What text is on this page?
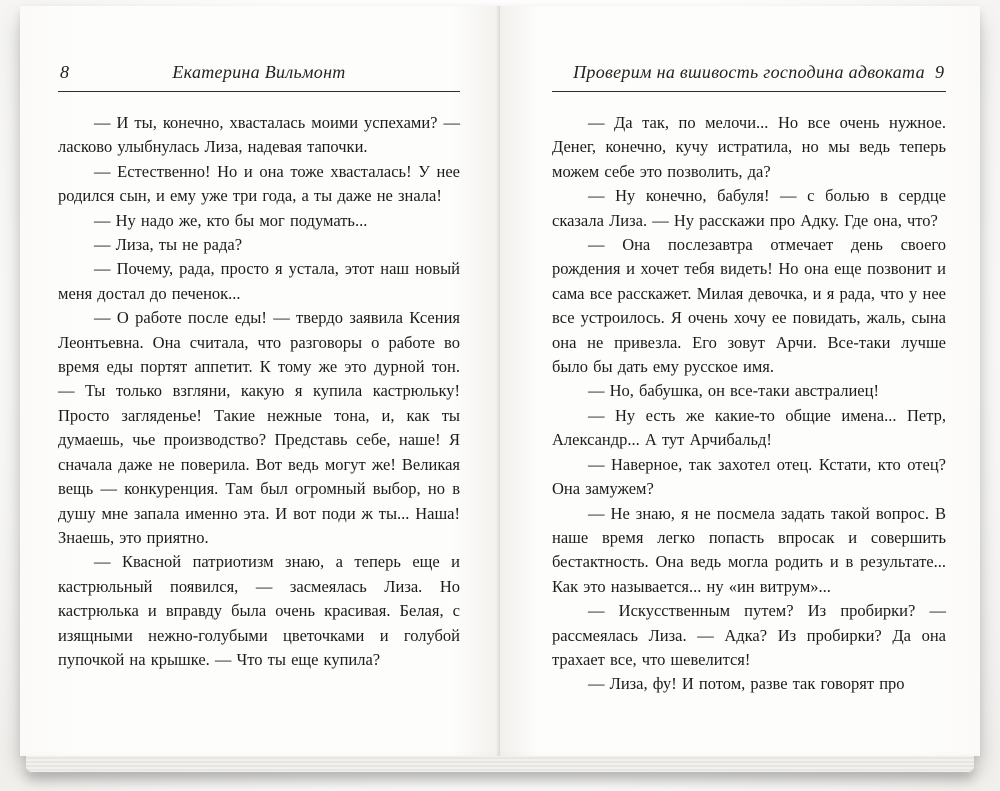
8	Екатерина Вильмонт

— И ты, конечно, хвасталась моими успехами? — ласково улыбнулась Лиза, надевая тапочки.

— Естественно! Но и она тоже хвасталась! У нее родился сын, и ему уже три года, а ты даже не знала!

— Ну надо же, кто бы мог подумать...

— Лиза, ты не рада?

— Почему, рада, просто я устала, этот наш новый меня достал до печенок...

— О работе после еды! — твердо заявила Ксения Леонтьевна. Она считала, что разговоры о работе во время еды портят аппетит. К тому же это дурной тон. — Ты только взгляни, какую я купила кастрюльку! Просто загляденье! Такие нежные тона, и, как ты думаешь, чье производство? Представь себе, наше! Я сначала даже не поверила. Вот ведь могут же! Великая вещь — конкуренция. Там был огромный выбор, но в душу мне запала именно эта. И вот поди ж ты... Наша! Знаешь, это приятно.

— Квасной патриотизм знаю, а теперь еще и кастрюльный появился, — засмеялась Лиза. Но кастрюлька и вправду была очень красивая. Белая, с изящными нежно-голубыми цветочками и голубой пупочкой на крышке. — Что ты еще купила?

Проверим на вшивость господина адвоката 9

— Да так, по мелочи... Но все очень нужное. Денег, конечно, кучу истратила, но мы ведь теперь можем себе это позволить, да?

— Ну конечно, бабуля! — с болью в сердце сказала Лиза. — Ну расскажи про Адку. Где она, что?

— Она послезавтра отмечает день своего рождения и хочет тебя видеть! Но она еще позвонит и сама все расскажет. Милая девочка, и я рада, что у нее все устроилось. Я очень хочу ее повидать, жаль, сына она не привезла. Его зовут Арчи. Все-таки лучше было бы дать ему русское имя.

— Но, бабушка, он все-таки австралиец!

— Ну есть же какие-то общие имена... Петр, Александр... А тут Арчибальд!

— Наверное, так захотел отец. Кстати, кто отец? Она замужем?

— Не знаю, я не посмела задать такой вопрос. В наше время легко попасть впросак и совершить бестактность. Она ведь могла родить и в результате... Как это называется... ну «ин витрум»...

— Искусственным путем? Из пробирки? — рассмеялась Лиза. — Адка? Из пробирки? Да она трахает все, что шевелится!

— Лиза, фу! И потом, разве так говорят про
